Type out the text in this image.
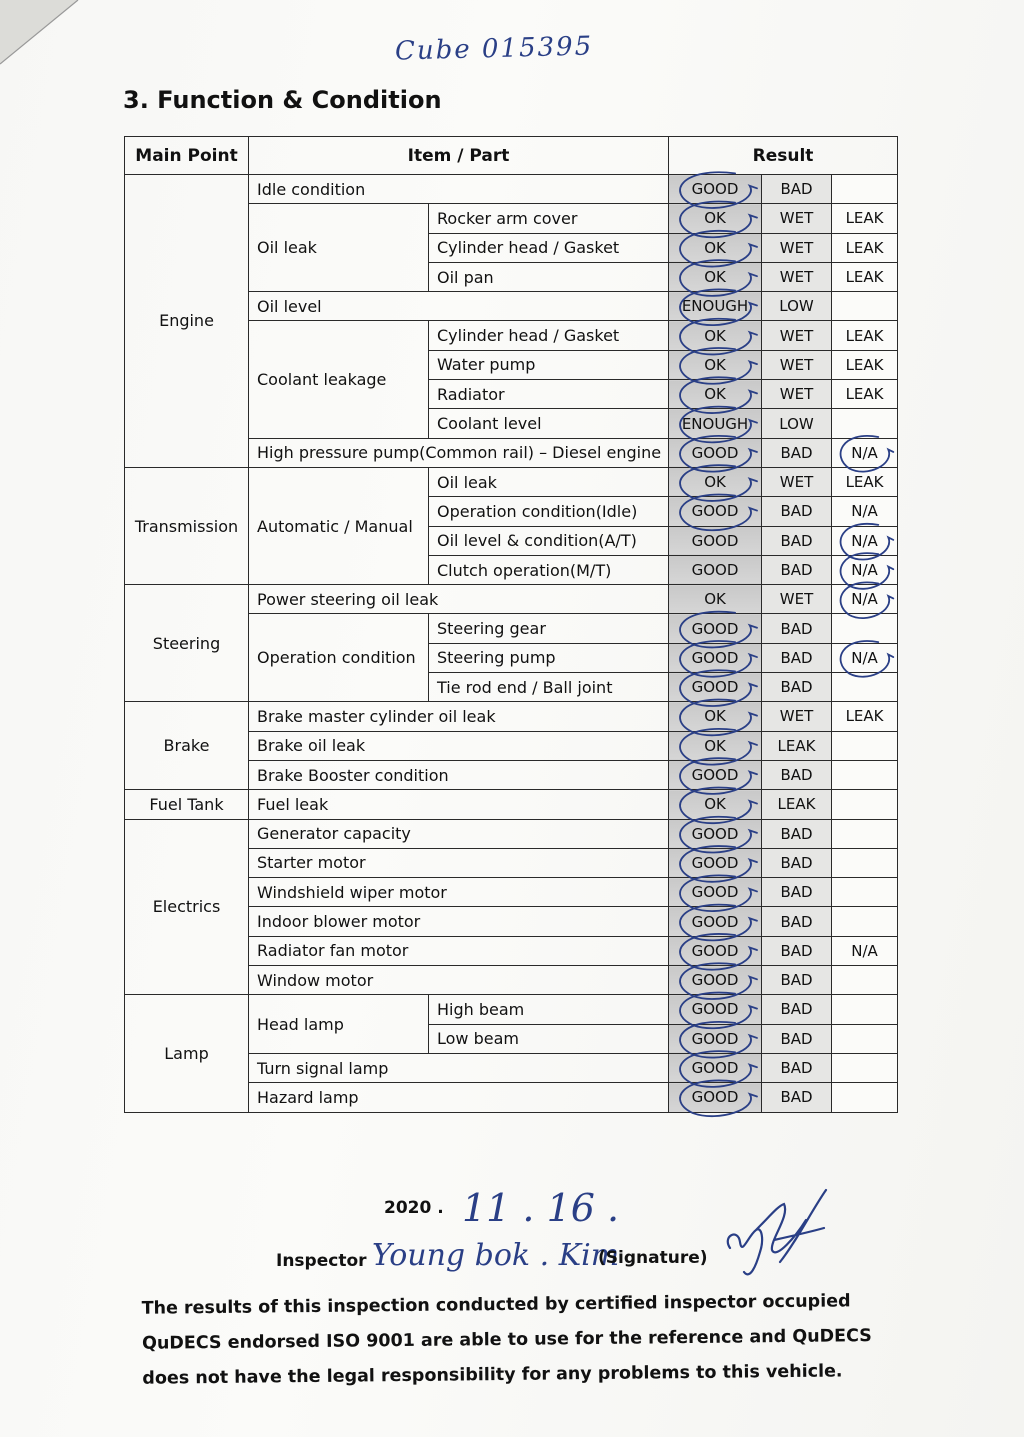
Cube 015395
3. Function & Condition
Main Point	Item / Part		Result		
Engine	Idle condition		GOOD	BAD	
	Oil leak	Rocker arm cover	OK	WET	LEAK
		Cylinder head / Gasket	OK	WET	LEAK
		Oil pan	OK	WET	LEAK
	Oil level		ENOUGH	LOW	
	Coolant leakage	Cylinder head / Gasket	OK	WET	LEAK
		Water pump	OK	WET	LEAK
		Radiator	OK	WET	LEAK
		Coolant level	ENOUGH	LOW	
	High pressure pump(Common rail) – Diesel engine		GOOD	BAD	N/A
Transmission	Automatic / Manual	Oil leak	OK	WET	LEAK
		Operation condition(Idle)	GOOD	BAD	N/A
		Oil level & condition(A/T)	GOOD	BAD	N/A
		Clutch operation(M/T)	GOOD	BAD	N/A
Steering	Power steering oil leak		OK	WET	N/A
	Operation condition	Steering gear	GOOD	BAD	
		Steering pump	GOOD	BAD	N/A
		Tie rod end / Ball joint	GOOD	BAD	
Brake	Brake master cylinder oil leak		OK	WET	LEAK
	Brake oil leak		OK	LEAK	
	Brake Booster condition		GOOD	BAD	
Fuel Tank	Fuel leak		OK	LEAK	
Electrics	Generator capacity		GOOD	BAD	
	Starter motor		GOOD	BAD	
	Windshield wiper motor		GOOD	BAD	
	Indoor blower motor		GOOD	BAD	
	Radiator fan motor		GOOD	BAD	N/A
	Window motor		GOOD	BAD	
Lamp	Head lamp	High beam	GOOD	BAD	
		Low beam	GOOD	BAD	
	Turn signal lamp		GOOD	BAD	
	Hazard lamp		GOOD	BAD	
2020 . 11 . 16 .
Inspector Young bok . Kim
(Signature)
The results of this inspection conducted by certified inspector occupied
QuDECS endorsed ISO 9001 are able to use for the reference and QuDECS
does not have the legal responsibility for any problems to this vehicle.
